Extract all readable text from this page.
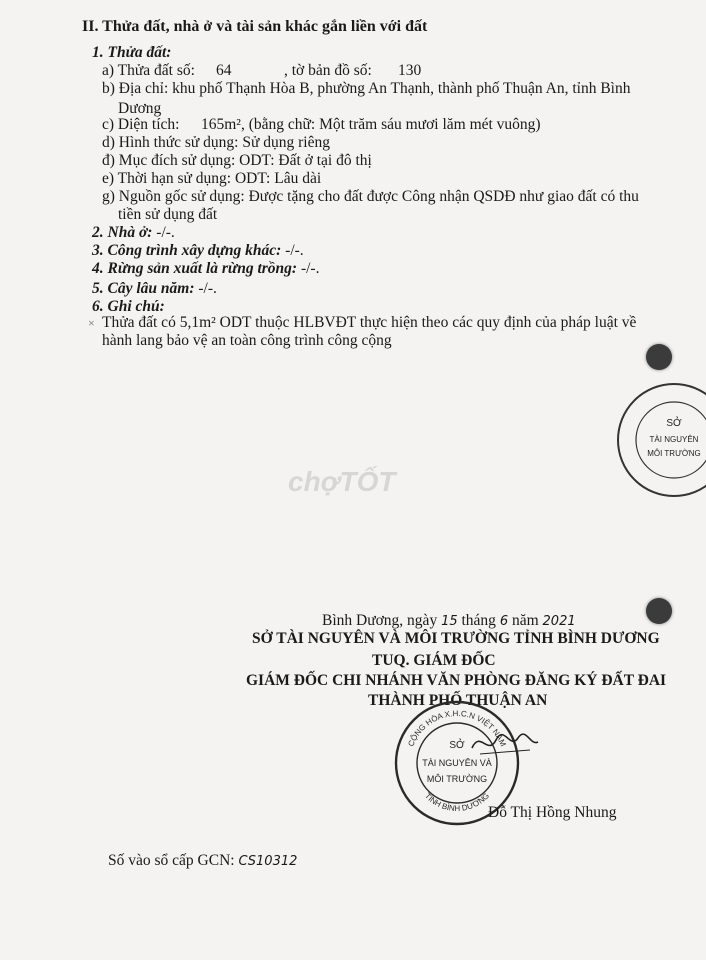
II. Thửa đất, nhà ở và tài sản khác gắn liền với đất
1. Thửa đất:
a) Thửa đất số: 64	, tờ bản đồ số: 130
b) Địa chỉ: khu phố Thạnh Hòa B, phường An Thạnh, thành phố Thuận An, tỉnh Bình
Dương
c) Diện tích: 165m², (bằng chữ: Một trăm sáu mươi lăm mét vuông)
d) Hình thức sử dụng: Sử dụng riêng
đ) Mục đích sử dụng: ODT: Đất ở tại đô thị
e) Thời hạn sử dụng: ODT: Lâu dài
g) Nguồn gốc sử dụng: Được tặng cho đất được Công nhận QSDĐ như giao đất có thu
tiền sử dụng đất
2. Nhà ở: -/-.
3. Công trình xây dựng khác: -/-.
4. Rừng sản xuất là rừng trồng: -/-.
5. Cây lâu năm: -/-.
6. Ghi chú:
Thửa đất có 5,1m² ODT thuộc HLBVĐT thực hiện theo các quy định của pháp luật về
hành lang bảo vệ an toàn công trình công cộng
SỞ
TÀI NGUYÊN
MÔI TRƯỜNG
chợTỐT
Bình Dương, ngày 15 tháng 6 năm 2021
SỞ TÀI NGUYÊN VÀ MÔI TRƯỜNG TỈNH BÌNH DƯƠNG
TUQ. GIÁM ĐỐC
GIÁM ĐỐC CHI NHÁNH VĂN PHÒNG ĐĂNG KÝ ĐẤT ĐAI
THÀNH PHỐ THUẬN AN
CỘNG HÒA X.H.C.N VIỆT NAM
TỈNH BÌNH DƯƠNG
SỞ
TÀI NGUYÊN VÀ
MÔI TRƯỜNG
Đỗ Thị Hồng Nhung
Số vào sổ cấp GCN: CS10312
×
